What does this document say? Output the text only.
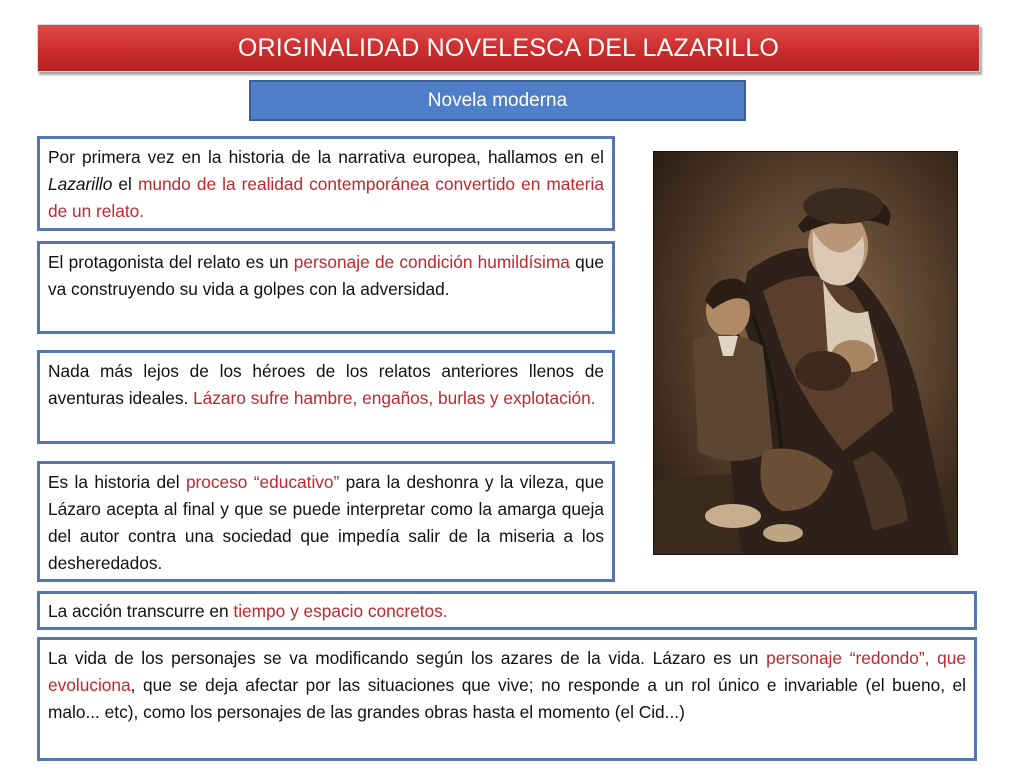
ORIGINALIDAD NOVELESCA DEL LAZARILLO
Novela moderna
Por primera vez en la historia de la narrativa europea, hallamos en el Lazarillo el mundo de la realidad contemporánea convertido en materia de un relato.
El protagonista del relato es un personaje de condición humildísima que va construyendo su vida a golpes con la adversidad.
Nada más lejos de los héroes de los relatos anteriores llenos de aventuras ideales. Lázaro sufre hambre, engaños, burlas y explotación.
Es la historia del proceso “educativo” para la deshonra y la vileza, que Lázaro acepta al final y que se puede interpretar como la amarga queja del autor contra una sociedad que impedía salir de la miseria a los desheredados.
La acción transcurre en tiempo y espacio concretos.
La vida de los personajes se va modificando según los azares de la vida. Lázaro es un personaje “redondo”, que evoluciona, que se deja afectar por las situaciones que vive; no responde a un rol único e invariable (el bueno, el malo... etc), como los personajes de las grandes obras hasta el momento (el Cid...)
